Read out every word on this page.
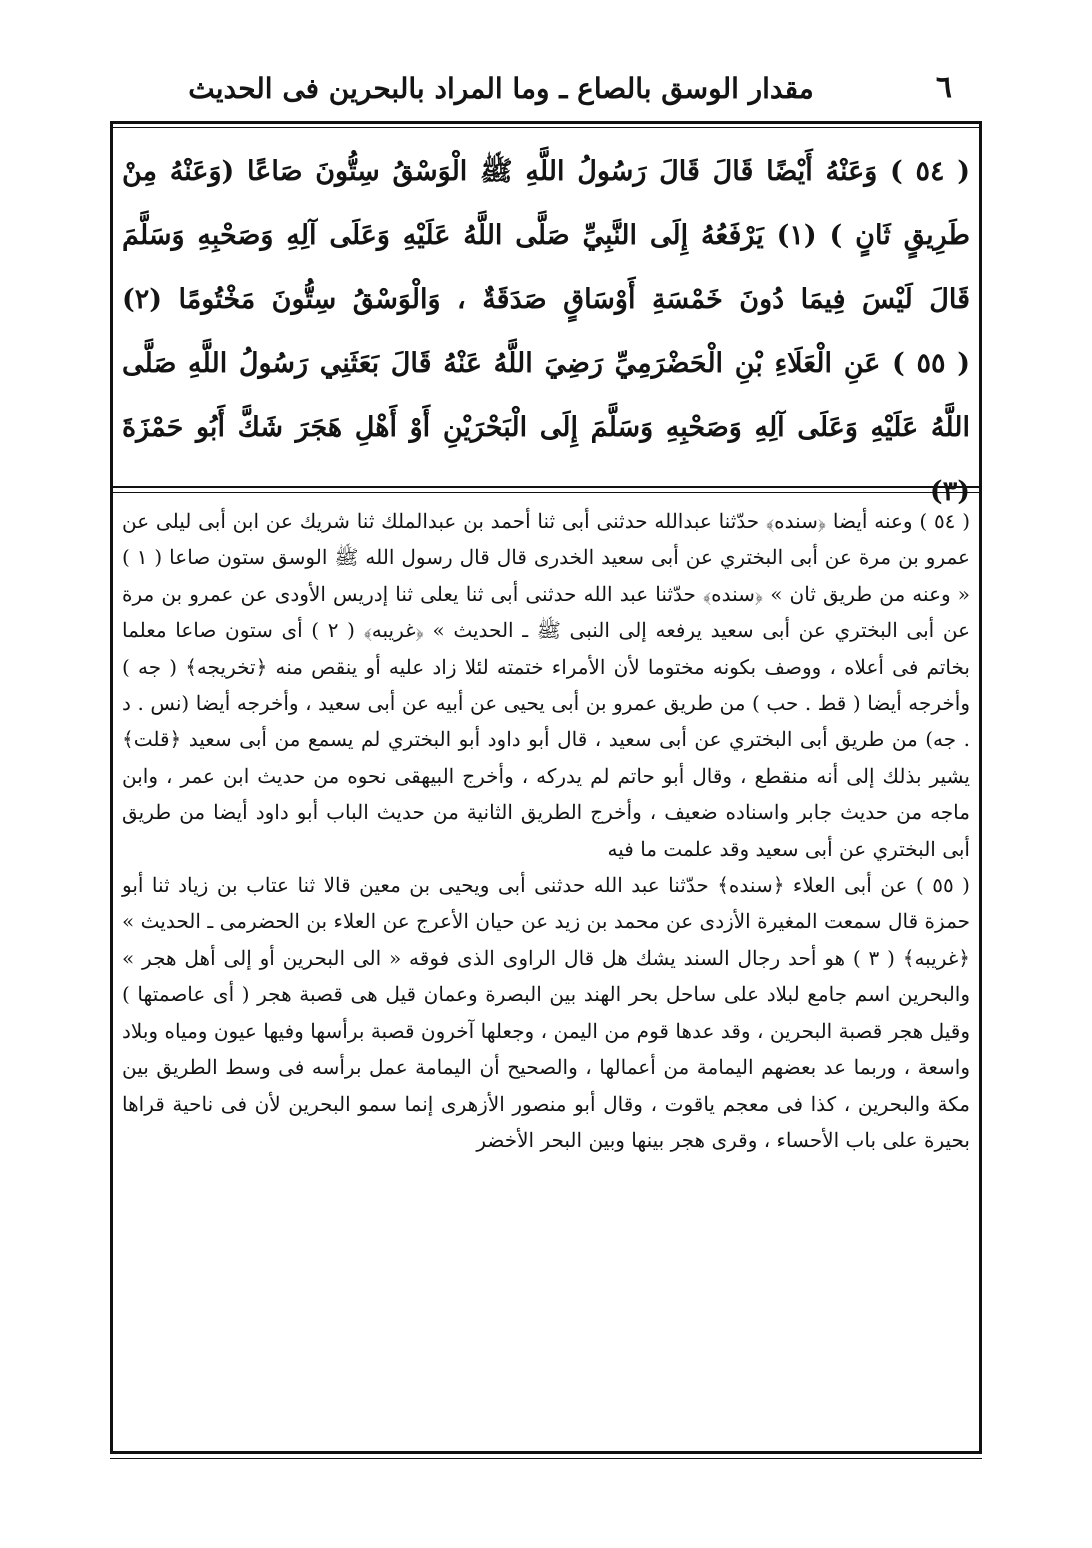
٦
مقدار الوسق بالصاع ـ وما المراد بالبحرين فى الحديث

( ٥٤ ) وَعَنْهُ أَيْضًا قَالَ قَالَ رَسُولُ اللَّهِ ﷺ الْوَسْقُ سِتُّونَ صَاعًا (وَعَنْهُ مِنْ طَرِيقٍ ثَانٍ ) (١) يَرْفَعُهُ إِلَى النَّبِيِّ صَلَّى اللَّهُ عَلَيْهِ وَعَلَى آلِهِ وَصَحْبِهِ وَسَلَّمَ قَالَ لَيْسَ فِيمَا دُونَ خَمْسَةِ أَوْسَاقٍ صَدَقَةٌ ، وَالْوَسْقُ سِتُّونَ مَخْتُومًا (٢)

( ٥٥ ) عَنِ الْعَلَاءِ بْنِ الْحَضْرَمِيِّ رَضِيَ اللَّهُ عَنْهُ قَالَ بَعَثَنِي رَسُولُ اللَّهِ صَلَّى اللَّهُ عَلَيْهِ وَعَلَى آلِهِ وَصَحْبِهِ وَسَلَّمَ إِلَى الْبَحْرَيْنِ أَوْ أَهْلِ هَجَرَ شَكَّ أَبُو حَمْزَةَ (٣)

( ٥٤ ) وعنه أيضا ﴿سنده﴾ حدّثنا عبدالله حدثنى أبى ثنا أحمد بن عبدالملك ثنا شريك عن ابن أبى ليلى عن عمرو بن مرة عن أبى البختري عن أبى سعيد الخدرى قال قال رسول الله ﷺ الوسق ستون صاعا ( ١ ) « وعنه من طريق ثان » ﴿سنده﴾ حدّثنا عبد الله حدثنى أبى ثنا يعلى ثنا إدريس الأودى عن عمرو بن مرة عن أبى البختري عن أبى سعيد يرفعه إلى النبى ﷺ ـ الحديث » ﴿غريبه﴾ ( ٢ ) أى ستون صاعا معلما بخاتم فى أعلاه ، ووصف بكونه مختوما لأن الأمراء ختمته لئلا زاد عليه أو ينقص منه ﴿تخريجه﴾ ( جه ) وأخرجه أيضا ( قط . حب ) من طريق عمرو بن أبى يحيى عن أبيه عن أبى سعيد ، وأخرجه أيضا (نس . د . جه) من طريق أبى البختري عن أبى سعيد ، قال أبو داود أبو البختري لم يسمع من أبى سعيد ﴿قلت﴾ يشير بذلك إلى أنه منقطع ، وقال أبو حاتم لم يدركه ، وأخرج البيهقى نحوه من حديث ابن عمر ، وابن ماجه من حديث جابر واسناده ضعيف ، وأخرج الطريق الثانية من حديث الباب أبو داود أيضا من طريق أبى البختري عن أبى سعيد وقد علمت ما فيه

( ٥٥ ) عن أبى العلاء ﴿سنده﴾ حدّثنا عبد الله حدثنى أبى ويحيى بن معين قالا ثنا عتاب بن زياد ثنا أبو حمزة قال سمعت المغيرة الأزدى عن محمد بن زيد عن حيان الأعرج عن العلاء بن الحضرمى ـ الحديث » ﴿غريبه﴾ ( ٣ ) هو أحد رجال السند يشك هل قال الراوى الذى فوقه « الى البحرين أو إلى أهل هجر » والبحرين اسم جامع لبلاد على ساحل بحر الهند بين البصرة وعمان قيل هى قصبة هجر ( أى عاصمتها ) وقيل هجر قصبة البحرين ، وقد عدها قوم من اليمن ، وجعلها آخرون قصبة برأسها وفيها عيون ومياه وبلاد واسعة ، وربما عد بعضهم اليمامة من أعمالها ، والصحيح أن اليمامة عمل برأسه فى وسط الطريق بين مكة والبحرين ، كذا فى معجم ياقوت ، وقال أبو منصور الأزهرى إنما سمو البحرين لأن فى ناحية قراها بحيرة على باب الأحساء ، وقرى هجر بينها وبين البحر الأخضر
